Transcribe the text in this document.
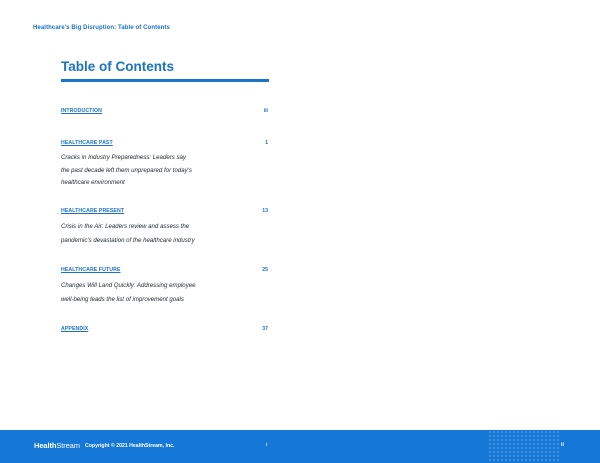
Healthcare's Big Disruption: Table of Contents
Table of Contents
INTRODUCTION	iii
HEALTHCARE PAST	1
Cracks in Industry Preparedness: Leaders say
the past decade left them unprepared for today's
healthcare environment
HEALTHCARE PRESENT	13
Crisis in the Air: Leaders review and assess the
pandemic's devastation of the healthcare industry
HEALTHCARE FUTURE	25
Changes Will Land Quickly: Addressing employee
well-being leads the list of improvement goals
APPENDIX	37
HealthStream Copyright © 2021 HealthStream, Inc.	i	ii
